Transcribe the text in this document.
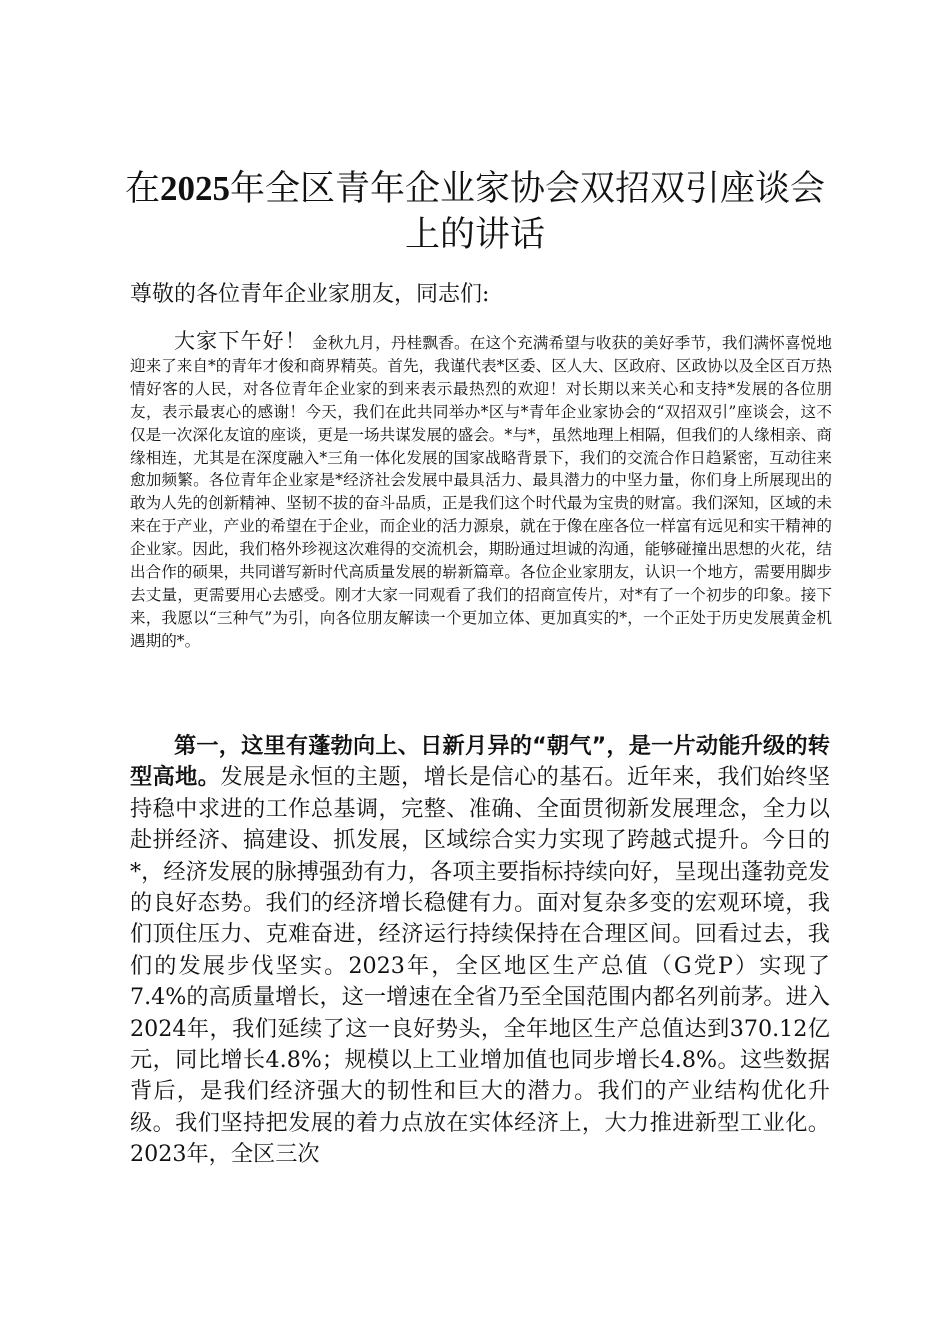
在2025年全区青年企业家协会双招双引座谈会上的讲话

尊敬的各位青年企业家朋友，同志们:

大家下午好！ 金秋九月，丹桂飘香。在这个充满希望与收获的美好季节，我们满怀喜悦地迎来了来自*的青年才俊和商界精英。首先，我谨代表*区委、区人大、区政府、区政协以及全区百万热情好客的人民，对各位青年企业家的到来表示最热烈的欢迎！对长期以来关心和支持*发展的各位朋友，表示最衷心的感谢！今天，我们在此共同举办*区与*青年企业家协会的“双招双引”座谈会，这不仅是一次深化友谊的座谈，更是一场共谋发展的盛会。*与*，虽然地理上相隔，但我们的人缘相亲、商缘相连，尤其是在深度融入*三角一体化发展的国家战略背景下，我们的交流合作日趋紧密，互动往来愈加频繁。各位青年企业家是*经济社会发展中最具活力、最具潜力的中坚力量，你们身上所展现出的敢为人先的创新精神、坚韧不拔的奋斗品质，正是我们这个时代最为宝贵的财富。我们深知，区域的未来在于产业，产业的希望在于企业，而企业的活力源泉，就在于像在座各位一样富有远见和实干精神的企业家。因此，我们格外珍视这次难得的交流机会，期盼通过坦诚的沟通，能够碰撞出思想的火花，结出合作的硕果，共同谱写新时代高质量发展的崭新篇章。各位企业家朋友，认识一个地方，需要用脚步去丈量，更需要用心去感受。刚才大家一同观看了我们的招商宣传片，对*有了一个初步的印象。接下来，我愿以“三种气”为引，向各位朋友解读一个更加立体、更加真实的*，一个正处于历史发展黄金机遇期的*。

第一，这里有蓬勃向上、日新月异的“朝气”，是一片动能升级的转型高地。发展是永恒的主题，增长是信心的基石。近年来，我们始终坚持稳中求进的工作总基调，完整、准确、全面贯彻新发展理念，全力以赴拼经济、搞建设、抓发展，区域综合实力实现了跨越式提升。今日的*，经济发展的脉搏强劲有力，各项主要指标持续向好，呈现出蓬勃竞发的良好态势。我们的经济增长稳健有力。面对复杂多变的宏观环境，我们顶住压力、克难奋进，经济运行持续保持在合理区间。回看过去，我们的发展步伐坚实。2023年，全区地区生产总值（G党P）实现了7.4%的高质量增长，这一增速在全省乃至全国范围内都名列前茅。进入2024年，我们延续了这一良好势头，全年地区生产总值达到370.12亿元，同比增长4.8%；规模以上工业增加值也同步增长4.8%。这些数据背后，是我们经济强大的韧性和巨大的潜力。我们的产业结构优化升级。我们坚持把发展的着力点放在实体经济上，大力推进新型工业化。2023年，全区三次
